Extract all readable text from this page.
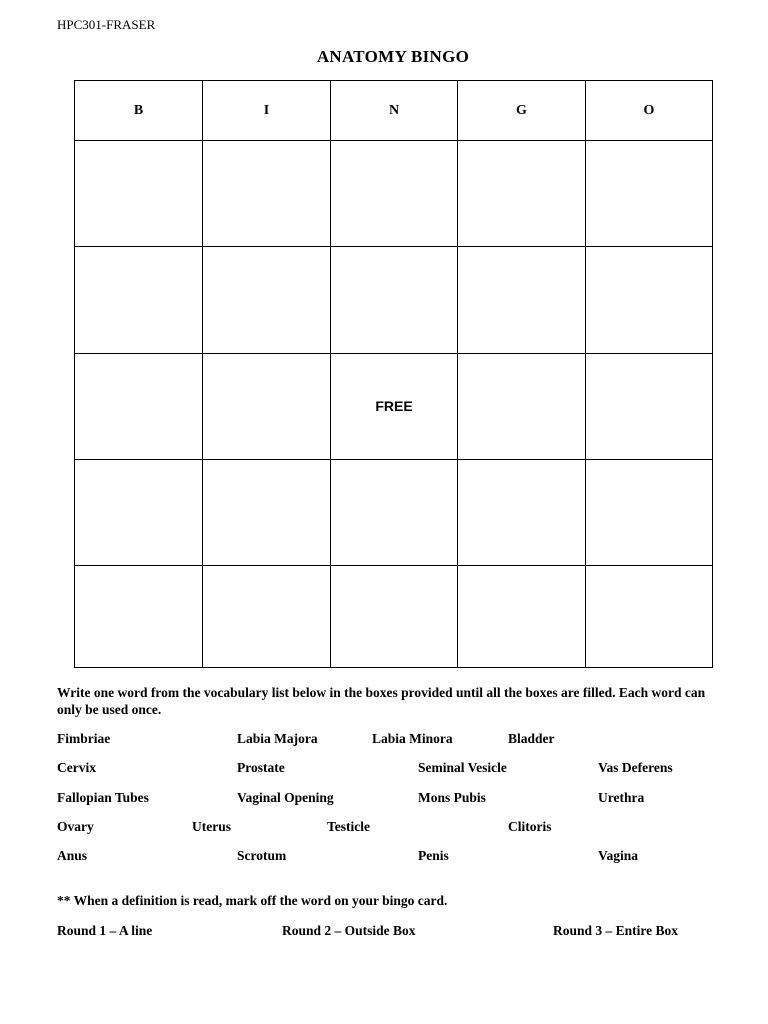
HPC301-FRASER
ANATOMY BINGO
B	I	N	G	O

		FREE		

Write one word from the vocabulary list below in the boxes provided until all the boxes are filled. Each word can only be used once.
Fimbriae	Labia Majora	Labia Minora	Bladder
Cervix	Prostate	Seminal Vesicle	Vas Deferens
Fallopian Tubes	Vaginal Opening	Mons Pubis	Urethra
Ovary	Uterus	Testicle	Clitoris
Anus	Scrotum	Penis	Vagina
** When a definition is read, mark off the word on your bingo card.
Round 1 – A line	Round 2 – Outside Box	Round 3 – Entire Box
